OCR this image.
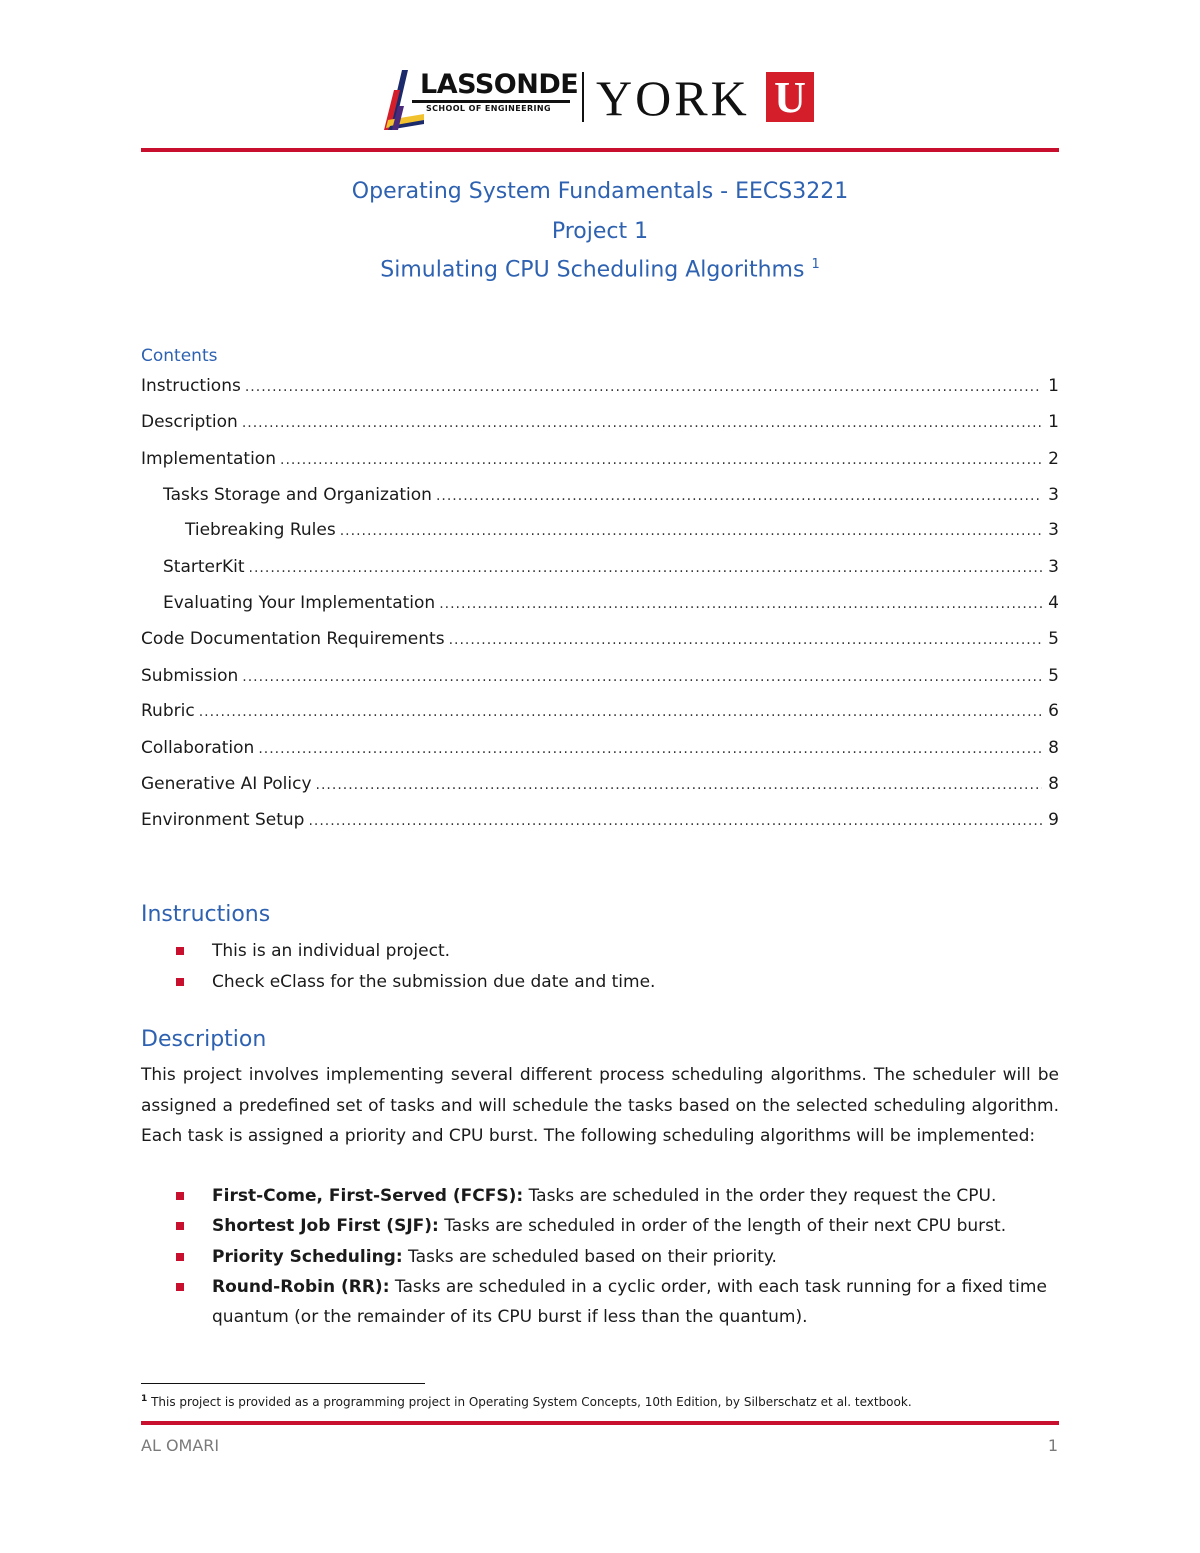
LASSONDE
SCHOOL OF ENGINEERING YORK U
Operating System Fundamentals - EECS3221
Project 1
Simulating CPU Scheduling Algorithms $^1$
Contents
Instructions .....	1
Description .....	1
Implementation .....	2
Tasks Storage and Organization .....	3
Tiebreaking Rules .....	3
StarterKit .....	3
Evaluating Your Implementation .....	4
Code Documentation Requirements .....	5
Submission .....	5
Rubric .....	6
Collaboration .....	8
Generative AI Policy .....	8
Environment Setup .....	9
Instructions
This is an individual project.
Check eClass for the submission due date and time.
Description
This project involves implementing several different process scheduling algorithms. The scheduler will be assigned a predefined set of tasks and will schedule the tasks based on the selected scheduling algorithm. Each task is assigned a priority and CPU burst. The following scheduling algorithms will be implemented:
First-Come, First-Served (FCFS): Tasks are scheduled in the order they request the CPU.
Shortest Job First (SJF): Tasks are scheduled in order of the length of their next CPU burst.
Priority Scheduling: Tasks are scheduled based on their priority.
Round-Robin (RR): Tasks are scheduled in a cyclic order, with each task running for a fixed time quantum (or the remainder of its CPU burst if less than the quantum).
$^1$ This project is provided as a programming project in Operating System Concepts, 10th Edition, by Silberschatz et al. textbook.
AL OMARI	1
